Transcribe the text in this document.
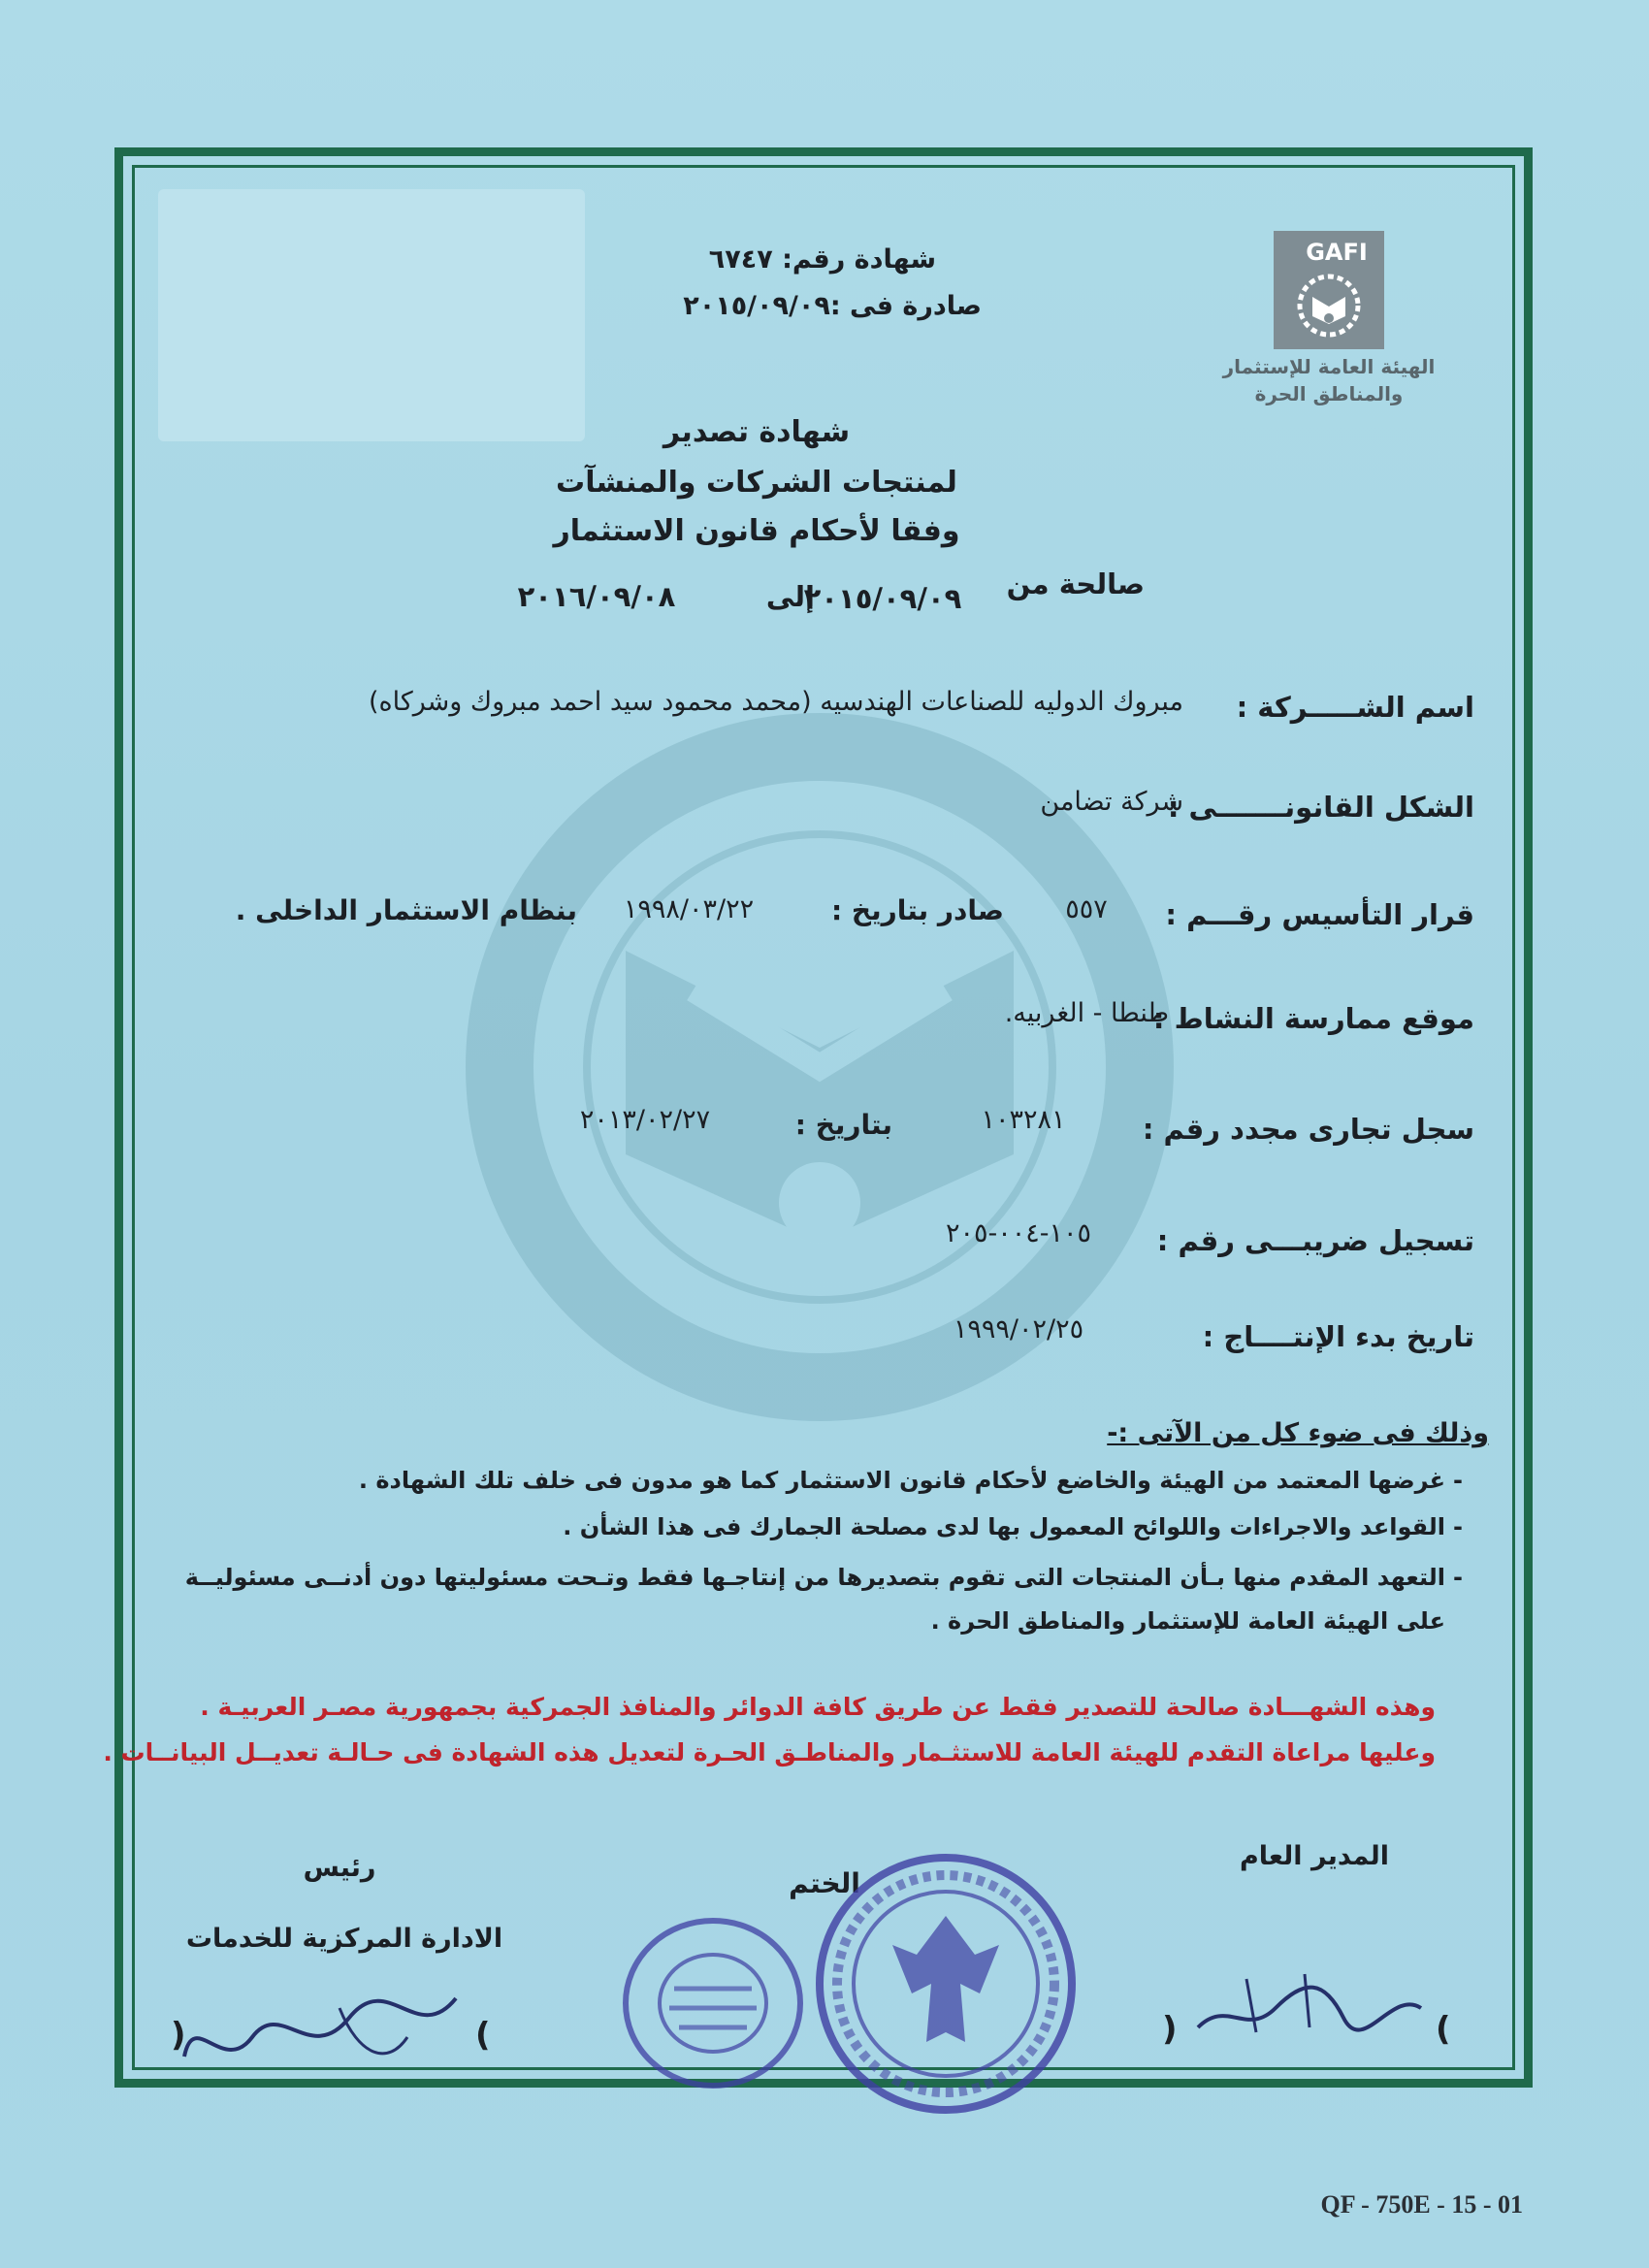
GAFI
الهيئة العامة للإستثمار
والمناطق الحرة
شهادة رقم: ٦٧٤٧
صادرة فى :٢٠١٥/٠٩/٠٩
شهادة تصدير
لمنتجات الشركات والمنشآت
وفقا لأحكام قانون الاستثمار
صالحة من
٢٠١٥/٠٩/٠٩
إلى
٢٠١٦/٠٩/٠٨
اسم الشـــــركة :
مبروك الدوليه للصناعات الهندسيه (محمد محمود سيد احمد مبروك وشركاه)
الشكل القانونـــــــى :
شركة تضامن
قرار التأسيس رقـــم :
٥٥٧
صادر بتاريخ :
١٩٩٨/٠٣/٢٢
بنظام الاستثمار الداخلى .
موقع ممارسة النشاط :
طنطا - الغربيه.
سجل تجارى مجدد رقم :
١٠٣٢٨١
بتاريخ :
٢٠١٣/٠٢/٢٧
تسجيل ضريبـــى رقم :
١٠٥-٠٠٤-٢٠٥
تاريخ بدء الإنتــــاج :
١٩٩٩/٠٢/٢٥
وذلك فى ضوء كل من الآتى :-
-
غرضها المعتمد من الهيئة والخاضع لأحكام قانون الاستثمار كما هو مدون فى خلف تلك الشهادة .
-
القواعد والاجراءات واللوائح المعمول بها لدى مصلحة الجمارك فى هذا الشأن .
-
التعهد المقدم منها بـأن المنتجات التى تقوم بتصديرها من إنتاجـها فقط وتـحت مسئوليتها دون أدنــى مسئوليــة
على الهيئة العامة للإستثمار والمناطق الحرة .
وهذه الشهـــادة صالحة للتصدير فقط عن طريق كافة الدوائر والمنافذ الجمركية بجمهورية مصـر العربيـة .
وعليها مراعاة التقدم للهيئة العامة للاستثـمار والمناطـق الحـرة لتعديل هذه الشهادة فى حـالـة تعديــل البيانــات .
المدير العام
الختم
رئيس
الادارة المركزية للخدمات
(
)
(
)
QF - 750E - 15 - 01
